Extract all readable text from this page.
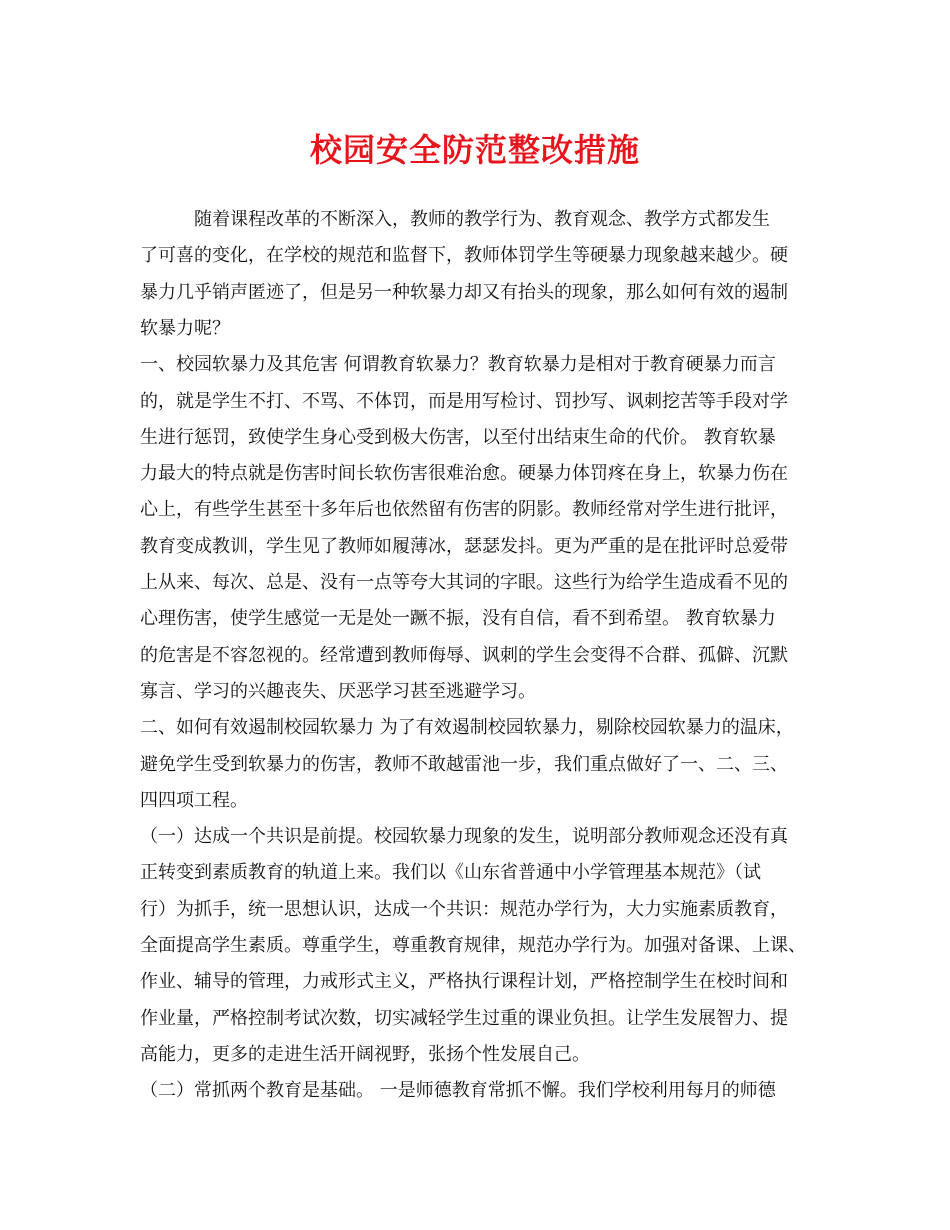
校园安全防范整改措施
　　　随着课程改革的不断深入，教师的教学行为、教育观念、教学方式都发生
了可喜的变化，在学校的规范和监督下，教师体罚学生等硬暴力现象越来越少。硬
暴力几乎销声匿迹了，但是另一种软暴力却又有抬头的现象，那么如何有效的遏制
软暴力呢？
一、校园软暴力及其危害 何谓教育软暴力？教育软暴力是相对于教育硬暴力而言
的，就是学生不打、不骂、不体罚，而是用写检讨、罚抄写、讽刺挖苦等手段对学
生进行惩罚，致使学生身心受到极大伤害，以至付出结束生命的代价。 教育软暴
力最大的特点就是伤害时间长软伤害很难治愈。硬暴力体罚疼在身上，软暴力伤在
心上，有些学生甚至十多年后也依然留有伤害的阴影。教师经常对学生进行批评，
教育变成教训，学生见了教师如履薄冰，瑟瑟发抖。更为严重的是在批评时总爱带
上从来、每次、总是、没有一点等夸大其词的字眼。这些行为给学生造成看不见的
心理伤害，使学生感觉一无是处一蹶不振，没有自信，看不到希望。 教育软暴力
的危害是不容忽视的。经常遭到教师侮辱、讽刺的学生会变得不合群、孤僻、沉默
寡言、学习的兴趣丧失、厌恶学习甚至逃避学习。
二、如何有效遏制校园软暴力 为了有效遏制校园软暴力，剔除校园软暴力的温床，
避免学生受到软暴力的伤害，教师不敢越雷池一步，我们重点做好了一、二、三、
四四项工程。
（一）达成一个共识是前提。校园软暴力现象的发生，说明部分教师观念还没有真
正转变到素质教育的轨道上来。我们以《山东省普通中小学管理基本规范》（试
行）为抓手，统一思想认识，达成一个共识：规范办学行为，大力实施素质教育，
全面提高学生素质。尊重学生，尊重教育规律，规范办学行为。加强对备课、上课、
作业、辅导的管理，力戒形式主义，严格执行课程计划，严格控制学生在校时间和
作业量，严格控制考试次数，切实减轻学生过重的课业负担。让学生发展智力、提
高能力，更多的走进生活开阔视野，张扬个性发展自己。
（二）常抓两个教育是基础。 一是师德教育常抓不懈。我们学校利用每月的师德
